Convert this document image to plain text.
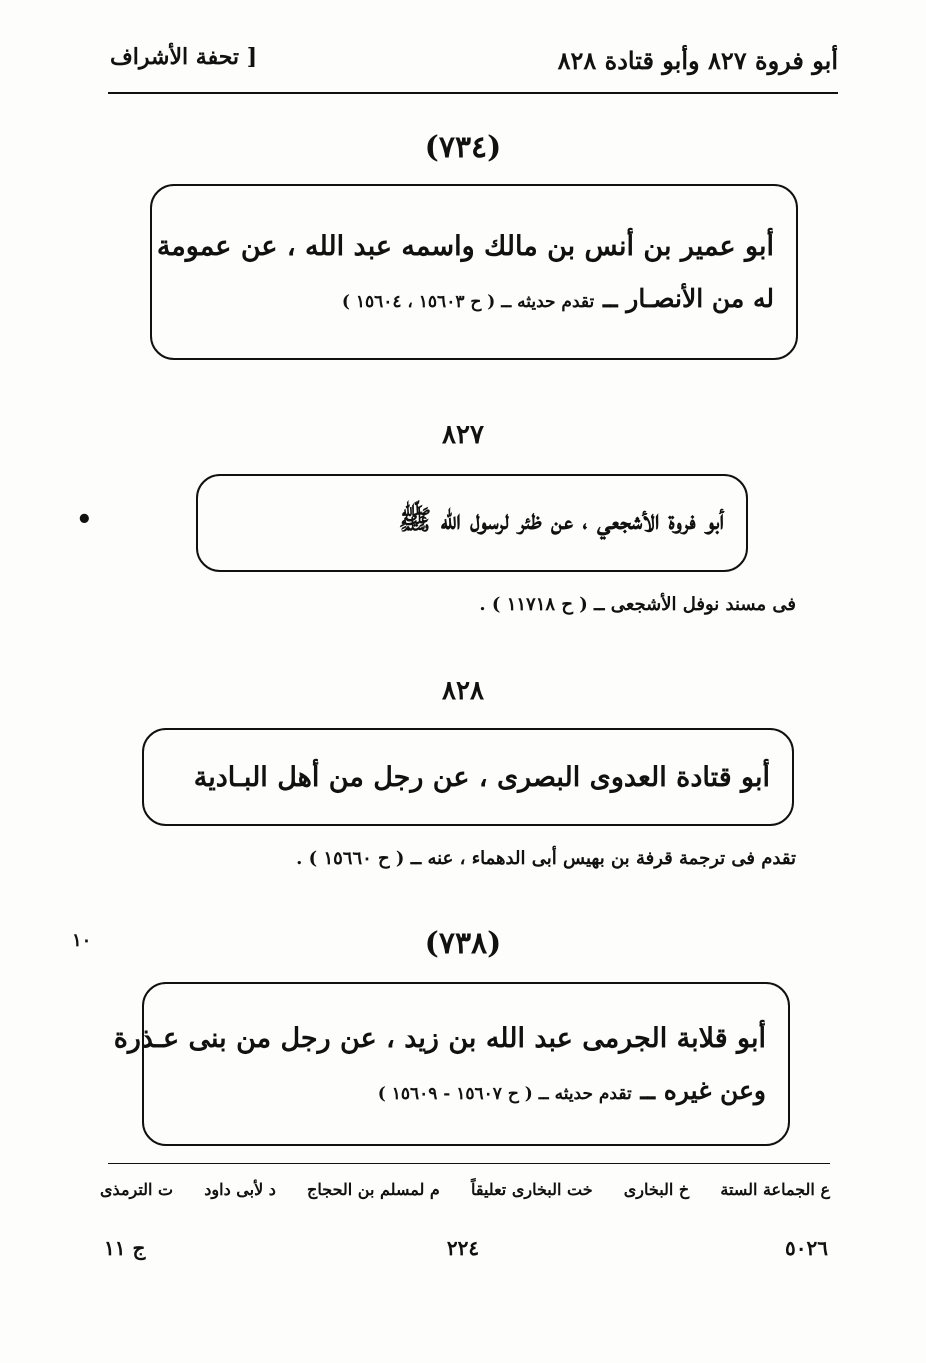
أبو فروة ٨٢٧ وأبو قتادة ٨٢٨
[ تحفة الأشراف
(٧٣٤)
أبو عمير بن أنس بن مالك واسمه عبد الله ، عن عمومة
له من الأنصـار ــ تقدم حديثه ــ ( ح ١٥٦٠٣ ، ١٥٦٠٤ )
٨٢٧
أبو فروة الأشجعي ، عن ظئر لرسول الله ﷺ
•
فى مسند نوفل الأشجعى ــ ( ح ١١٧١٨ ) .
٨٢٨
أبو قتادة العدوى البصرى ، عن رجل من أهل البـادية
تقدم فى ترجمة قرفة بن بهيس أبى الدهماء ، عنه ــ ( ح ١٥٦٦٠ ) .
(٧٣٨)
١٠
أبو قلابة الجرمى عبد الله بن زيد ، عن رجل من بنى عـذرة
وعن غيره ــ تقدم حديثه ــ ( ح ١٥٦٠٧ - ١٥٦٠٩ )
ع الجماعة الستة
خ البخارى
خت البخارى تعليقاً
م لمسلم بن الحجاج
د لأبى داود
ت الترمذى
ج ١١	٢٢٤	٥٠٢٦
